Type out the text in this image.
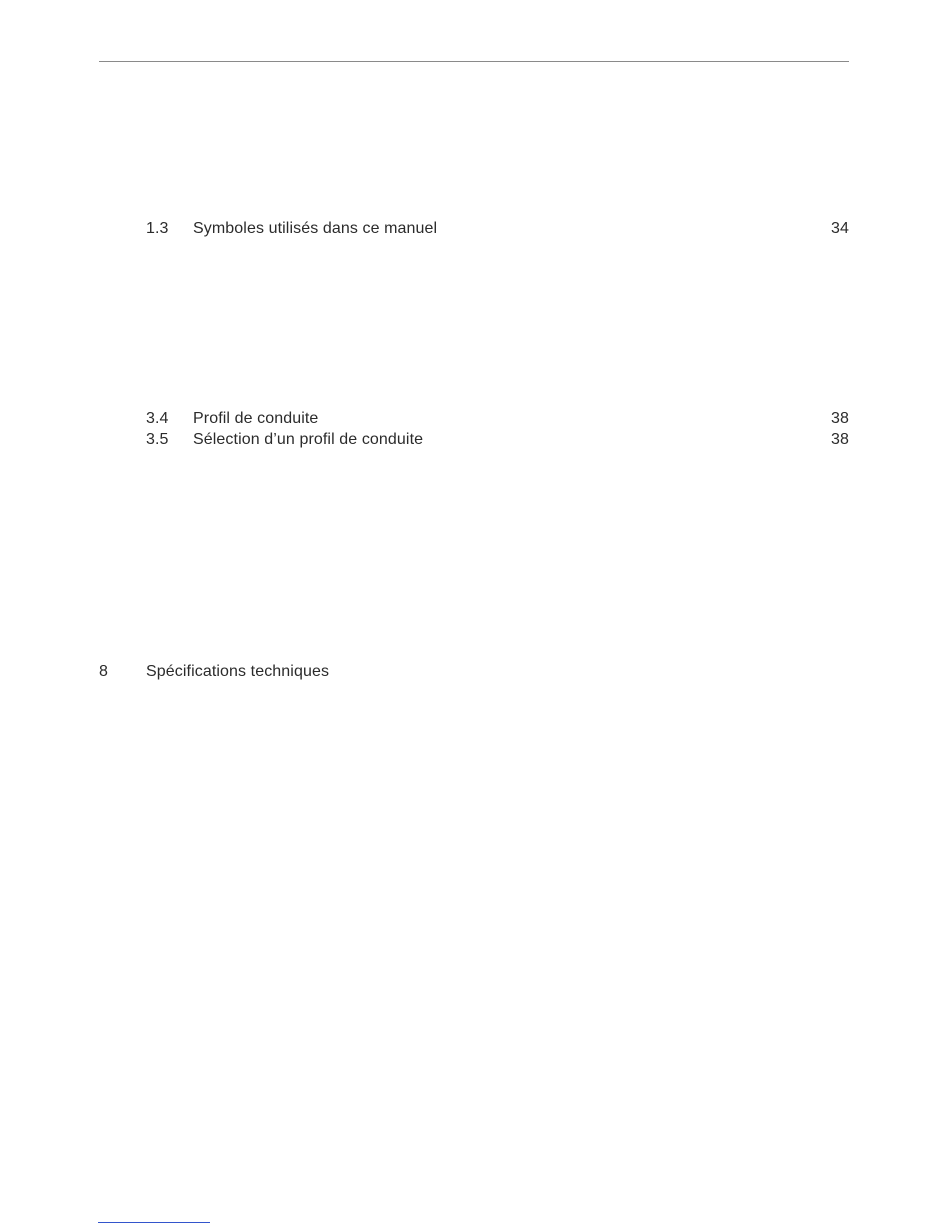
1.3 Symboles utilisés dans ce manuel	34
3.4 Profil de conduite	38
3.5 Sélection d’un profil de conduite	38
8 Spécifications techniques
